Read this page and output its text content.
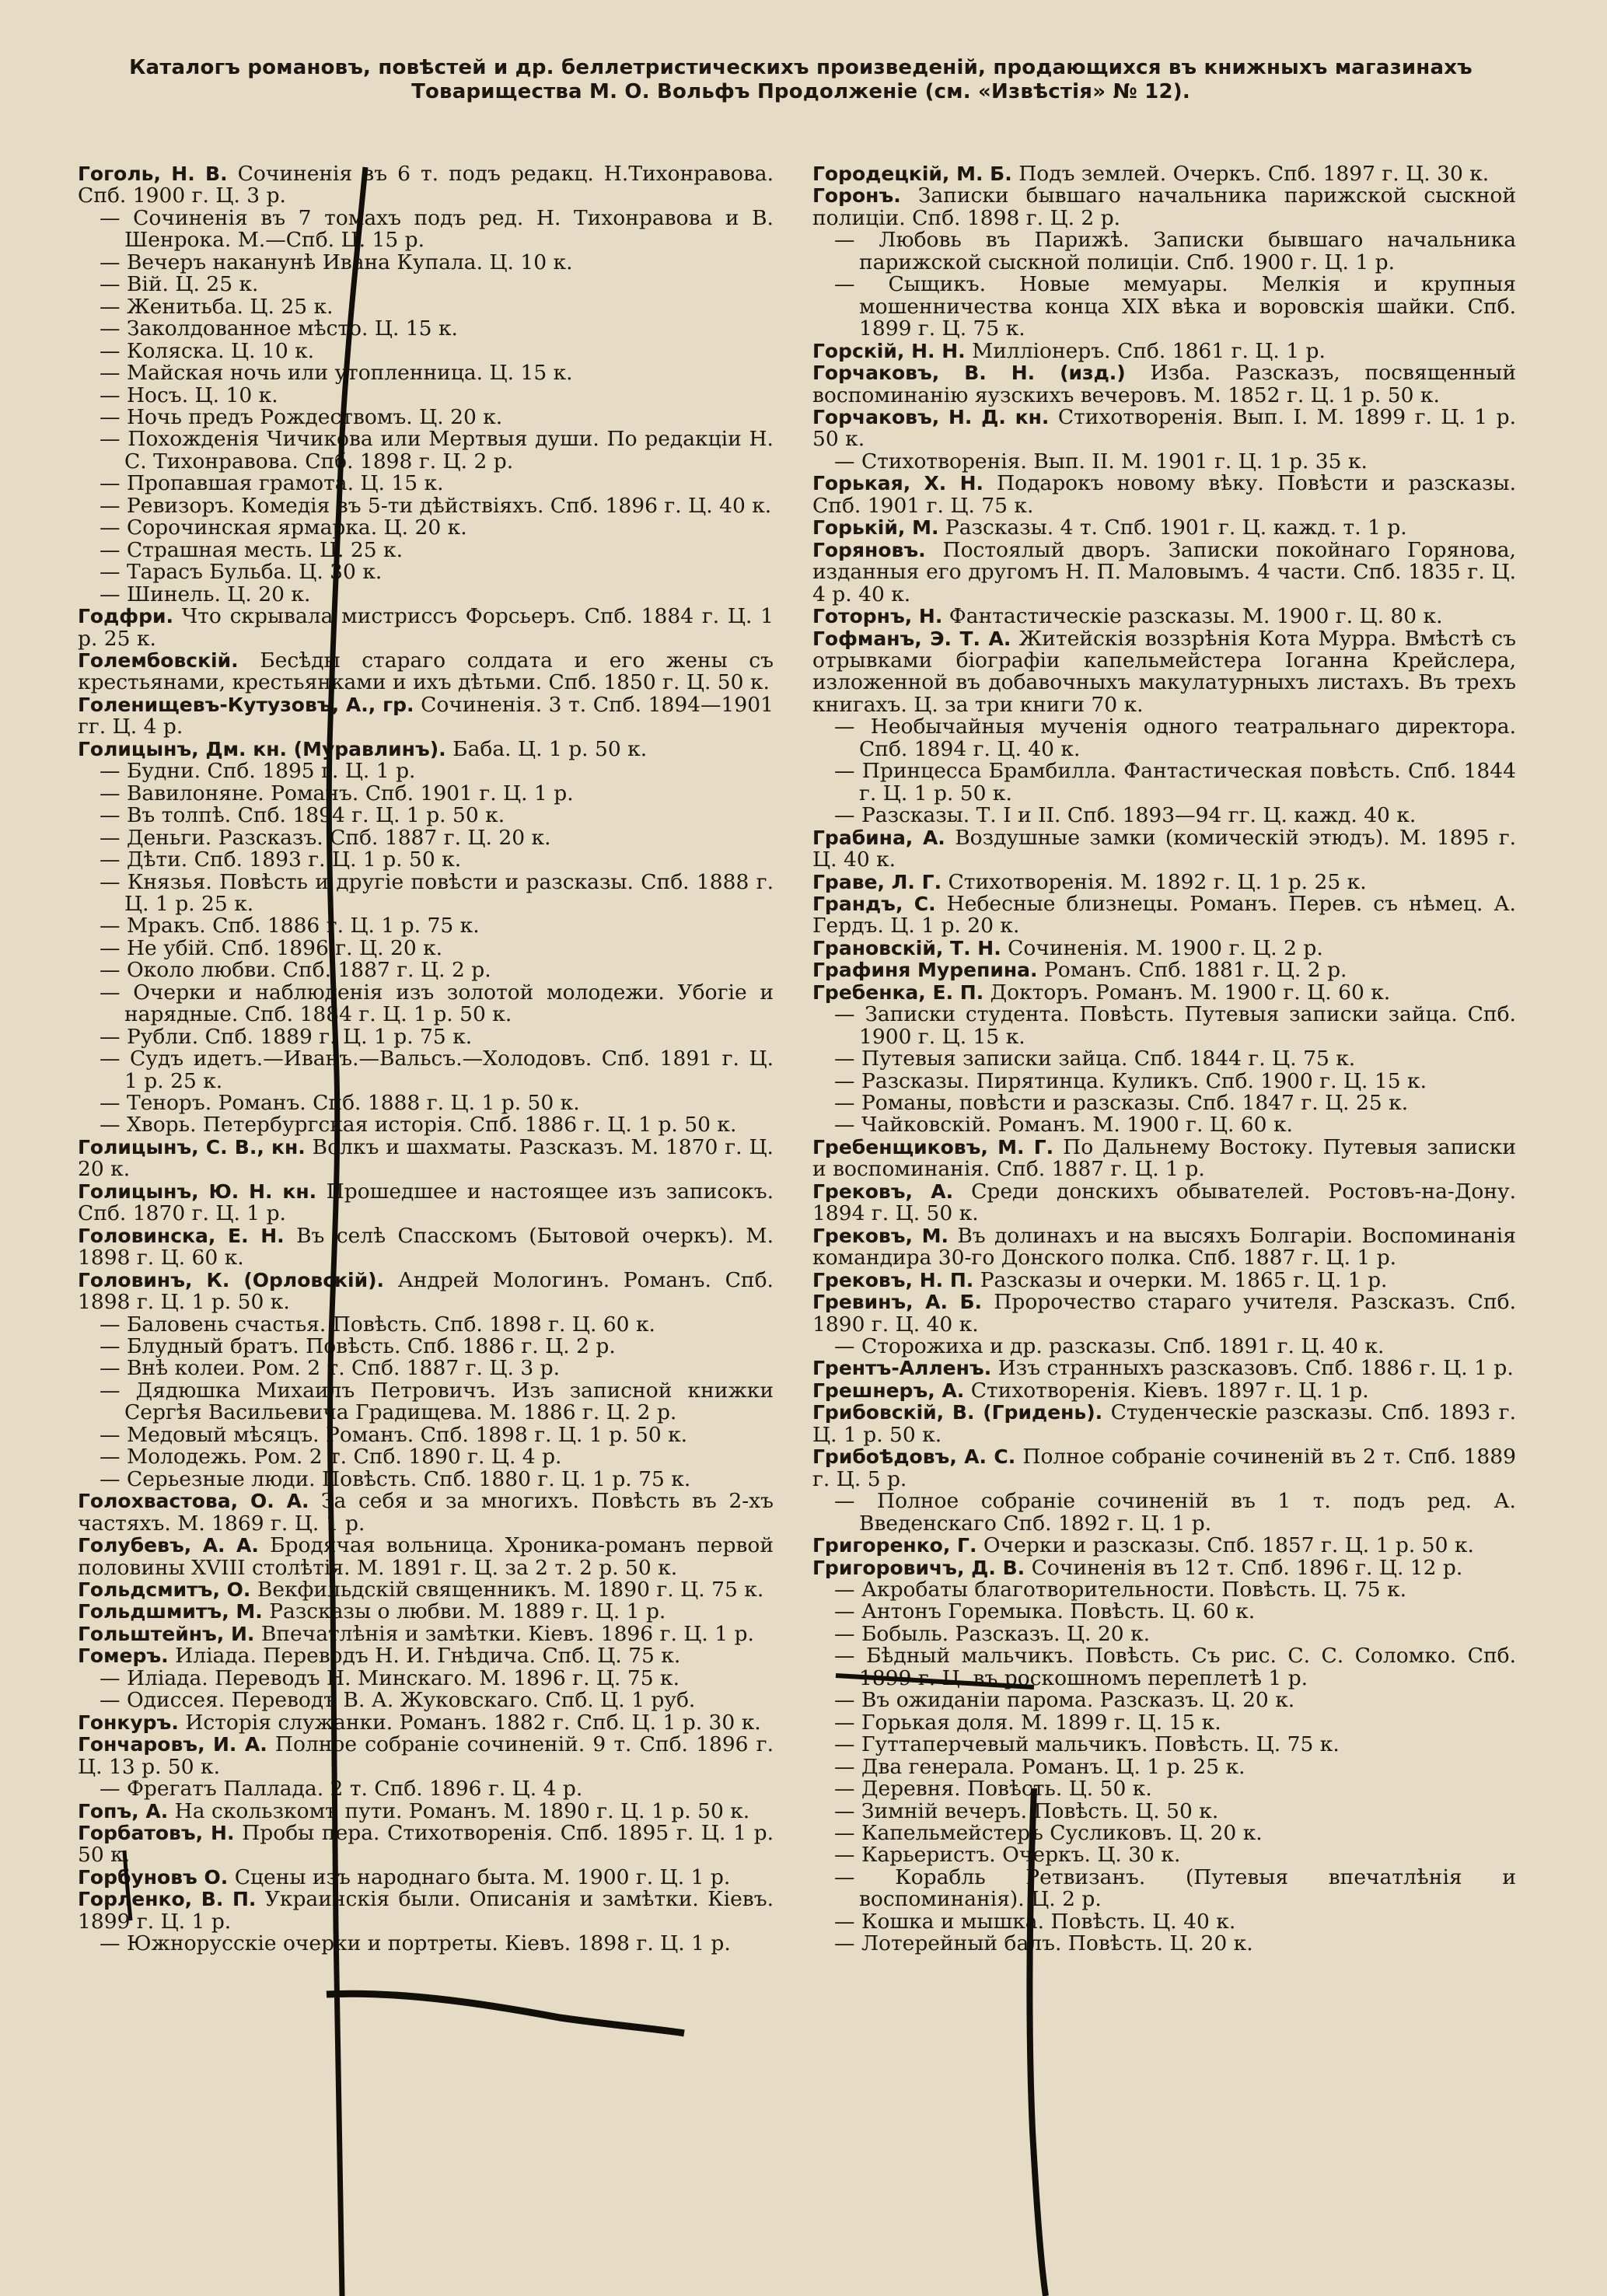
Каталогъ романовъ, повѣстей и др. беллетристическихъ произведеній, продающихся въ книжныхъ магазинахъ
Товарищества М. О. Вольфъ Продолженіе (см. «Извѣстія» № 12).

Гоголь, Н. В. Сочиненія въ 6 т. подъ редакц. Н.Тихонравова. Спб. 1900 г. Ц. 3 р.

— Сочиненія въ 7 томахъ подъ ред. Н. Тихонравова и В. Шенрока. М.—Спб. Ц. 15 р.

— Вечеръ наканунѣ Ивана Купала. Ц. 10 к.

— Вій. Ц. 25 к.

— Женитьба. Ц. 25 к.

— Заколдованное мѣсто. Ц. 15 к.

— Коляска. Ц. 10 к.

— Майская ночь или утопленница. Ц. 15 к.

— Носъ. Ц. 10 к.

— Ночь предъ Рождествомъ. Ц. 20 к.

— Похожденія Чичикова или Мертвыя души. По редакціи Н. С. Тихонравова. Спб. 1898 г. Ц. 2 р.

— Пропавшая грамота. Ц. 15 к.

— Ревизоръ. Комедія въ 5-ти дѣйствіяхъ. Спб. 1896 г. Ц. 40 к.

— Сорочинская ярмарка. Ц. 20 к.

— Страшная месть. Ц. 25 к.

— Тарасъ Бульба. Ц. 30 к.

— Шинель. Ц. 20 к.

Годфри. Что скрывала мистриссъ Форсьеръ. Спб. 1884 г. Ц. 1 р. 25 к.

Голембовскій. Бесѣды стараго солдата и его жены съ крестьянами, крестьянками и ихъ дѣтьми. Спб. 1850 г. Ц. 50 к.

Голенищевъ-Кутузовъ, А., гр. Сочиненія. 3 т. Спб. 1894—1901 гг. Ц. 4 р.

Голицынъ, Дм. кн. (Муравлинъ). Баба. Ц. 1 р. 50 к.

— Будни. Спб. 1895 г. Ц. 1 р.

— Вавилоняне. Романъ. Спб. 1901 г. Ц. 1 р.

— Въ толпѣ. Спб. 1894 г. Ц. 1 р. 50 к.

— Деньги. Разсказъ. Спб. 1887 г. Ц. 20 к.

— Дѣти. Спб. 1893 г. Ц. 1 р. 50 к.

— Князья. Повѣсть и другіе повѣсти и разсказы. Спб. 1888 г. Ц. 1 р. 25 к.

— Мракъ. Спб. 1886 г. Ц. 1 р. 75 к.

— Не убій. Спб. 1896 г. Ц. 20 к.

— Около любви. Спб. 1887 г. Ц. 2 р.

— Очерки и наблюденія изъ золотой молодежи. Убогіе и нарядные. Спб. 1884 г. Ц. 1 р. 50 к.

— Рубли. Спб. 1889 г. Ц. 1 р. 75 к.

— Судъ идетъ.—Иванъ.—Вальсъ.—Холодовъ. Спб. 1891 г. Ц. 1 р. 25 к.

— Теноръ. Романъ. Спб. 1888 г. Ц. 1 р. 50 к.

— Хворь. Петербургская исторія. Спб. 1886 г. Ц. 1 р. 50 к.

Голицынъ, С. В., кн. Волкъ и шахматы. Разсказъ. М. 1870 г. Ц. 20 к.

Голицынъ, Ю. Н. кн. Прошедшее и настоящее изъ записокъ. Спб. 1870 г. Ц. 1 р.

Головинска, Е. Н. Въ селѣ Спасскомъ (Бытовой очеркъ). М. 1898 г. Ц. 60 к.

Головинъ, К. (Орловскій). Андрей Мологинъ. Романъ. Спб. 1898 г. Ц. 1 р. 50 к.

— Баловень счастья. Повѣсть. Спб. 1898 г. Ц. 60 к.

— Блудный братъ. Повѣсть. Спб. 1886 г. Ц. 2 р.

— Внѣ колеи. Ром. 2 т. Спб. 1887 г. Ц. 3 р.

— Дядюшка Михаилъ Петровичъ. Изъ записной книжки Сергѣя Васильевича Градищева. М. 1886 г. Ц. 2 р.

— Медовый мѣсяцъ. Романъ. Спб. 1898 г. Ц. 1 р. 50 к.

— Молодежь. Ром. 2 т. Спб. 1890 г. Ц. 4 р.

— Серьезные люди. Повѣсть. Спб. 1880 г. Ц. 1 р. 75 к.

Голохвастова, О. А. За себя и за многихъ. Повѣсть въ 2-хъ частяхъ. М. 1869 г. Ц. 1 р.

Голубевъ, А. А. Бродячая вольница. Хроника-романъ первой половины XVIII столѣтія. М. 1891 г. Ц. за 2 т. 2 р. 50 к.

Гольдсмитъ, О. Векфильдскій священникъ. М. 1890 г. Ц. 75 к.

Гольдшмитъ, М. Разсказы о любви. М. 1889 г. Ц. 1 р.

Гольштейнъ, И. Впечатлѣнія и замѣтки. Кіевъ. 1896 г. Ц. 1 р.

Гомеръ. Иліада. Переводъ Н. И. Гнѣдича. Спб. Ц. 75 к.

— Иліада. Переводъ Н. Минскаго. М. 1896 г. Ц. 75 к.

— Одиссея. Переводъ В. А. Жуковскаго. Спб. Ц. 1 руб.

Гонкуръ. Исторія служанки. Романъ. 1882 г. Спб. Ц. 1 р. 30 к.

Гончаровъ, И. А. Полное собраніе сочиненій. 9 т. Спб. 1896 г. Ц. 13 р. 50 к.

— Фрегатъ Паллада. 2 т. Спб. 1896 г. Ц. 4 р.

Гопъ, А. На скользкомъ пути. Романъ. М. 1890 г. Ц. 1 р. 50 к.

Горбатовъ, Н. Пробы пера. Стихотворенія. Спб. 1895 г. Ц. 1 р. 50 к.

Горбуновъ О. Сцены изъ народнаго быта. М. 1900 г. Ц. 1 р.

Горленко, В. П. Украинскія были. Описанія и замѣтки. Кіевъ. 1899 г. Ц. 1 р.

— Южнорусскіе очерки и портреты. Кіевъ. 1898 г. Ц. 1 р.

Городецкій, М. Б. Подъ землей. Очеркъ. Спб. 1897 г. Ц. 30 к.

Горонъ. Записки бывшаго начальника парижской сыскной полиціи. Спб. 1898 г. Ц. 2 р.

— Любовь въ Парижѣ. Записки бывшаго начальника парижской сыскной полиціи. Спб. 1900 г. Ц. 1 р.

— Сыщикъ. Новые мемуары. Мелкія и крупныя мошенничества конца XIX вѣка и воровскія шайки. Спб. 1899 г. Ц. 75 к.

Горскій, Н. Н. Милліонеръ. Спб. 1861 г. Ц. 1 р.

Горчаковъ, В. Н. (изд.) Изба. Разсказъ, посвященный воспоминанію яузскихъ вечеровъ. М. 1852 г. Ц. 1 р. 50 к.

Горчаковъ, Н. Д. кн. Стихотворенія. Вып. I. М. 1899 г. Ц. 1 р. 50 к.

— Стихотворенія. Вып. II. М. 1901 г. Ц. 1 р. 35 к.

Горькая, Х. Н. Подарокъ новому вѣку. Повѣсти и разсказы. Спб. 1901 г. Ц. 75 к.

Горькій, М. Разсказы. 4 т. Спб. 1901 г. Ц. кажд. т. 1 р.

Горяновъ. Постоялый дворъ. Записки покойнаго Горянова, изданныя его другомъ Н. П. Маловымъ. 4 части. Спб. 1835 г. Ц. 4 р. 40 к.

Готорнъ, Н. Фантастическіе разсказы. М. 1900 г. Ц. 80 к.

Гофманъ, Э. Т. А. Житейскія воззрѣнія Кота Мурра. Вмѣстѣ съ отрывками біографіи капельмейстера Іоганна Крейслера, изложенной въ добавочныхъ макулатурныхъ листахъ. Въ трехъ книгахъ. Ц. за три книги 70 к.

— Необычайныя мученія одного театральнаго директора. Спб. 1894 г. Ц. 40 к.

— Принцесса Брамбилла. Фантастическая повѣсть. Спб. 1844 г. Ц. 1 р. 50 к.

— Разсказы. Т. I и II. Спб. 1893—94 гг. Ц. кажд. 40 к.

Грабина, А. Воздушные замки (комическій этюдъ). М. 1895 г. Ц. 40 к.

Граве, Л. Г. Стихотворенія. М. 1892 г. Ц. 1 р. 25 к.

Грандъ, С. Небесные близнецы. Романъ. Перев. съ нѣмец. А. Гердъ. Ц. 1 р. 20 к.

Грановскій, Т. Н. Сочиненія. М. 1900 г. Ц. 2 р.

Графиня Мурепина. Романъ. Спб. 1881 г. Ц. 2 р.

Гребенка, Е. П. Докторъ. Романъ. М. 1900 г. Ц. 60 к.

— Записки студента. Повѣсть. Путевыя записки зайца. Спб. 1900 г. Ц. 15 к.

— Путевыя записки зайца. Спб. 1844 г. Ц. 75 к.

— Разсказы. Пирятинца. Куликъ. Спб. 1900 г. Ц. 15 к.

— Романы, повѣсти и разсказы. Спб. 1847 г. Ц. 25 к.

— Чайковскій. Романъ. М. 1900 г. Ц. 60 к.

Гребенщиковъ, М. Г. По Дальнему Востоку. Путевыя записки и воспоминанія. Спб. 1887 г. Ц. 1 р.

Грековъ, А. Среди донскихъ обывателей. Ростовъ-на-Дону. 1894 г. Ц. 50 к.

Грековъ, М. Въ долинахъ и на высяхъ Болгаріи. Воспоминанія командира 30-го Донского полка. Спб. 1887 г. Ц. 1 р.

Грековъ, Н. П. Разсказы и очерки. М. 1865 г. Ц. 1 р.

Гревинъ, А. Б. Пророчество стараго учителя. Разсказъ. Спб. 1890 г. Ц. 40 к.

— Сторожиха и др. разсказы. Спб. 1891 г. Ц. 40 к.

Грентъ-Алленъ. Изъ странныхъ разсказовъ. Спб. 1886 г. Ц. 1 р.

Грешнеръ, А. Стихотворенія. Кіевъ. 1897 г. Ц. 1 р.

Грибовскій, В. (Гридень). Студенческіе разсказы. Спб. 1893 г. Ц. 1 р. 50 к.

Грибоѣдовъ, А. С. Полное собраніе сочиненій въ 2 т. Спб. 1889 г. Ц. 5 р.

— Полное собраніе сочиненій въ 1 т. подъ ред. А. Введенскаго Спб. 1892 г. Ц. 1 р.

Григоренко, Г. Очерки и разсказы. Спб. 1857 г. Ц. 1 р. 50 к.

Григоровичъ, Д. В. Сочиненія въ 12 т. Спб. 1896 г. Ц. 12 р.

— Акробаты благотворительности. Повѣсть. Ц. 75 к.

— Антонъ Горемыка. Повѣсть. Ц. 60 к.

— Бобыль. Разсказъ. Ц. 20 к.

— Бѣдный мальчикъ. Повѣсть. Съ рис. С. С. Соломко. Спб. 1899 г. Ц. въ роскошномъ переплетѣ 1 р.

— Въ ожиданіи парома. Разсказъ. Ц. 20 к.

— Горькая доля. М. 1899 г. Ц. 15 к.

— Гуттаперчевый мальчикъ. Повѣсть. Ц. 75 к.

— Два генерала. Романъ. Ц. 1 р. 25 к.

— Деревня. Повѣсть. Ц. 50 к.

— Зимній вечеръ. Повѣсть. Ц. 50 к.

— Капельмейстеръ Сусликовъ. Ц. 20 к.

— Карьеристъ. Очеркъ. Ц. 30 к.

— Корабль Ретвизанъ. (Путевыя впечатлѣнія и воспоминанія). Ц. 2 р.

— Кошка и мышка. Повѣсть. Ц. 40 к.

— Лотерейный балъ. Повѣсть. Ц. 20 к.
